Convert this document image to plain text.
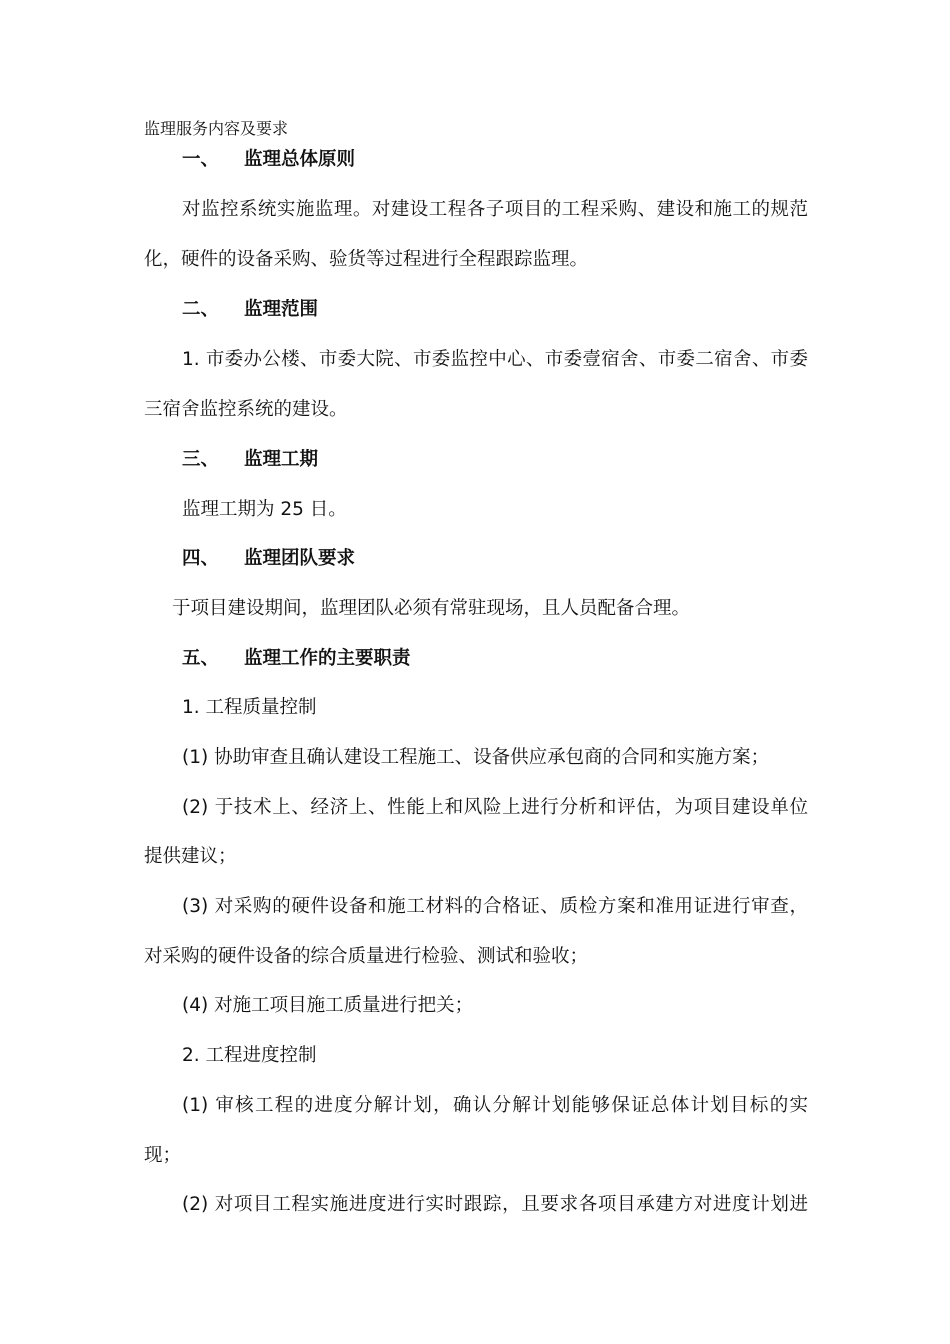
监理服务内容及要求
一、 监理总体原则
对监控系统实施监理。对建设工程各子项目的工程采购、建设和施工的规范
化，硬件的设备采购、验货等过程进行全程跟踪监理。
二、 监理范围
1. 市委办公楼、市委大院、市委监控中心、市委壹宿舍、市委二宿舍、市委
三宿舍监控系统的建设。
三、 监理工期
监理工期为 25 日。
四、 监理团队要求
于项目建设期间，监理团队必须有常驻现场，且人员配备合理。
五、 监理工作的主要职责
1. 工程质量控制
(1) 协助审查且确认建设工程施工、设备供应承包商的合同和实施方案；
(2) 于技术上、经济上、性能上和风险上进行分析和评估，为项目建设单位
提供建议；
(3) 对采购的硬件设备和施工材料的合格证、质检方案和准用证进行审查，
对采购的硬件设备的综合质量进行检验、测试和验收；
(4) 对施工项目施工质量进行把关；
2. 工程进度控制
(1) 审核工程的进度分解计划，确认分解计划能够保证总体计划目标的实
现；
(2) 对项目工程实施进度进行实时跟踪，且要求各项目承建方对进度计划进
